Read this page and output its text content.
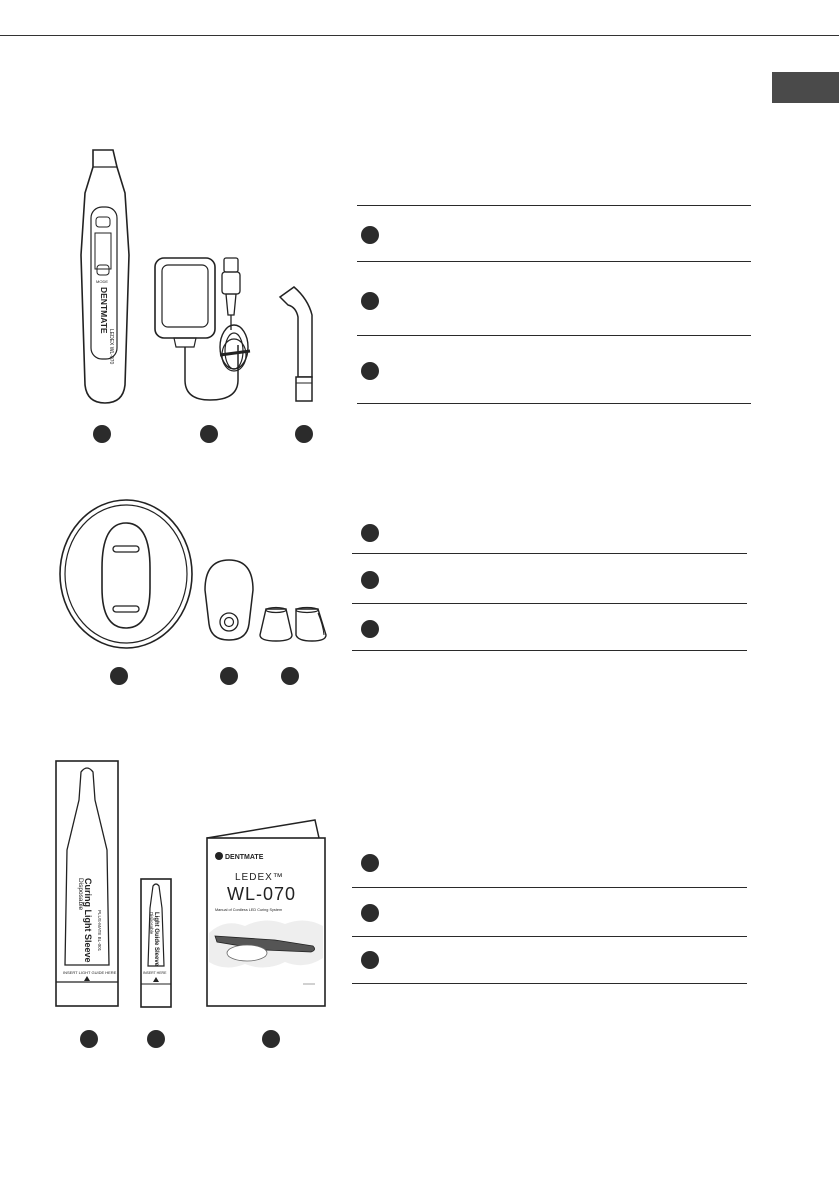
MODE
DENTMATE
LEDEX WL-070
Disposable Curing Light Sleeve PLUS-MATE BL-001
INSERT LIGHT GUIDE HERE
Disposable Light Guide Sleeve
INSERT HERE
DENTMATE
LEDEX™
WL-070
Manual of Cordless LED Curing System
